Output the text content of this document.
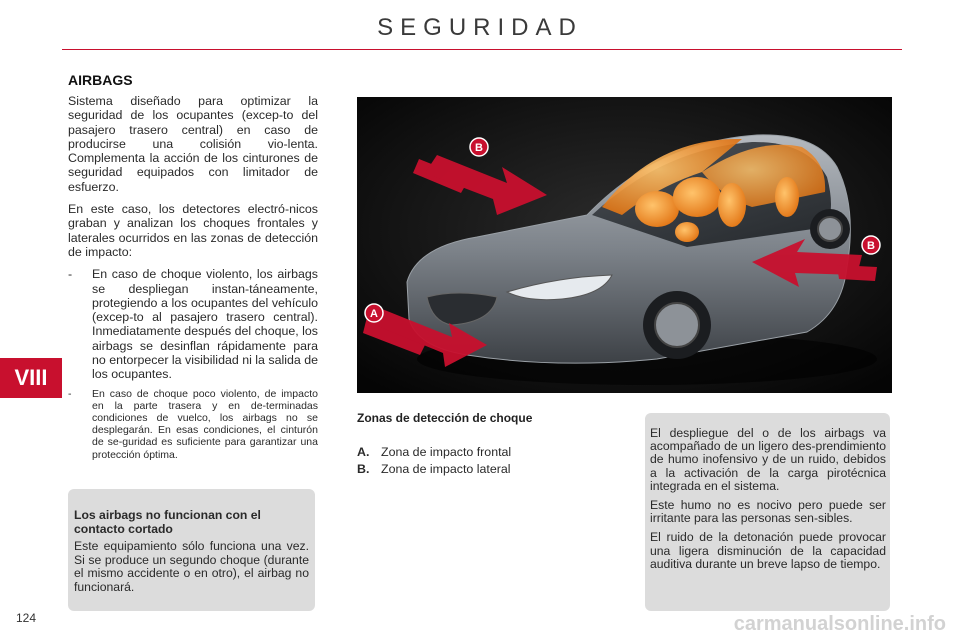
SEGURIDAD
VIII
124
AIRBAGS

Sistema diseñado para optimizar la seguridad de los ocupantes (excep-to del pasajero trasero central) en caso de producirse una colisión vio-lenta. Complementa la acción de los cinturones de seguridad equipados con limitador de esfuerzo.

En este caso, los detectores electró-nicos graban y analizan los choques frontales y laterales ocurridos en las zonas de detección de impacto:

-	En caso de choque violento, los airbags se despliegan instan-táneamente, protegiendo a los ocupantes del vehículo (excep-to al pasajero trasero central). Inmediatamente después del choque, los airbags se desinflan rápidamente para no entorpecer la visibilidad ni la salida de los ocupantes.
-	En caso de choque poco violento, de impacto en la parte trasera y en de-terminadas condiciones de vuelco, los airbags no se desplegarán. En esas condiciones, el cinturón de se-guridad es suficiente para garantizar una protección óptima.
Los airbags no funcionan con el contacto cortado
Este equipamiento sólo funciona una vez. Si se produce un segundo choque (durante el mismo accidente o en otro), el airbag no funcionará.
B
B
A
Zonas de detección de choque
A. Zona de impacto frontal
B. Zona de impacto lateral

El despliegue del o de los airbags va acompañado de un ligero des-prendimiento de humo inofensivo y de un ruido, debidos a la activación de la carga pirotécnica integrada en el sistema.

Este humo no es nocivo pero puede ser irritante para las personas sen-sibles.

El ruido de la detonación puede provocar una ligera disminución de la capacidad auditiva durante un breve lapso de tiempo.

carmanualsonline.info
